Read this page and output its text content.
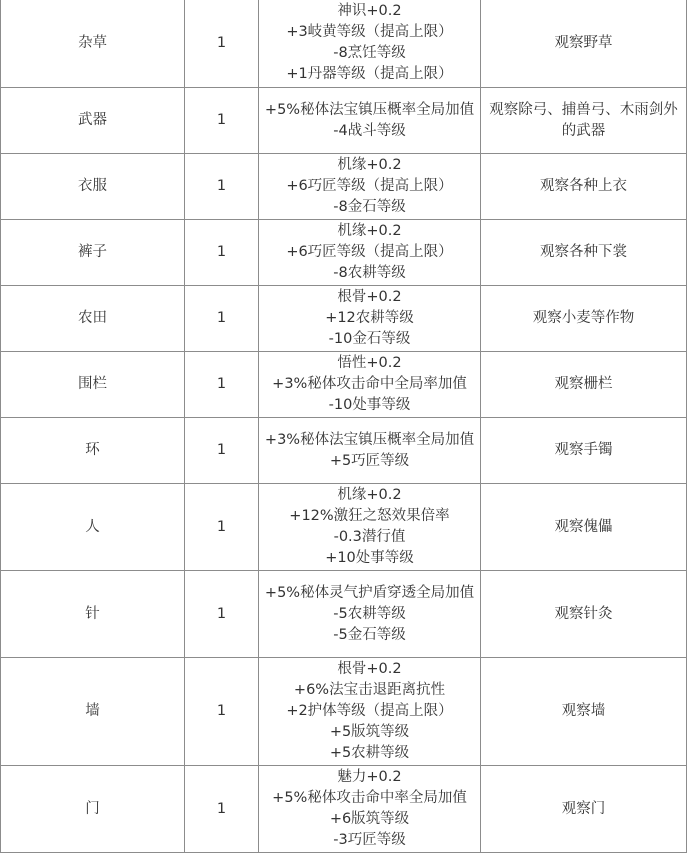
杂草	1	神识+0.2
+3岐黄等级（提高上限）
-8烹饪等级
+1丹器等级（提高上限）	观察野草
武器	1	+5%秘体法宝镇压概率全局加值
-4战斗等级	观察除弓、捕兽弓、木雨剑外的武器
衣服	1	机缘+0.2
+6巧匠等级（提高上限）
-8金石等级	观察各种上衣
裤子	1	机缘+0.2
+6巧匠等级（提高上限）
-8农耕等级	观察各种下裳
农田	1	根骨+0.2
+12农耕等级
-10金石等级	观察小麦等作物
围栏	1	悟性+0.2
+3%秘体攻击命中全局率加值
-10处事等级	观察栅栏
环	1	+3%秘体法宝镇压概率全局加值
+5巧匠等级	观察手镯
人	1	机缘+0.2
+12%激狂之怒效果倍率
-0.3潜行值
+10处事等级	观察傀儡
针	1	+5%秘体灵气护盾穿透全局加值
-5农耕等级
-5金石等级	观察针灸
墙	1	根骨+0.2
+6%法宝击退距离抗性
+2护体等级（提高上限）
+5版筑等级
+5农耕等级	观察墙
门	1	魅力+0.2
+5%秘体攻击命中率全局加值
+6版筑等级
-3巧匠等级	观察门
